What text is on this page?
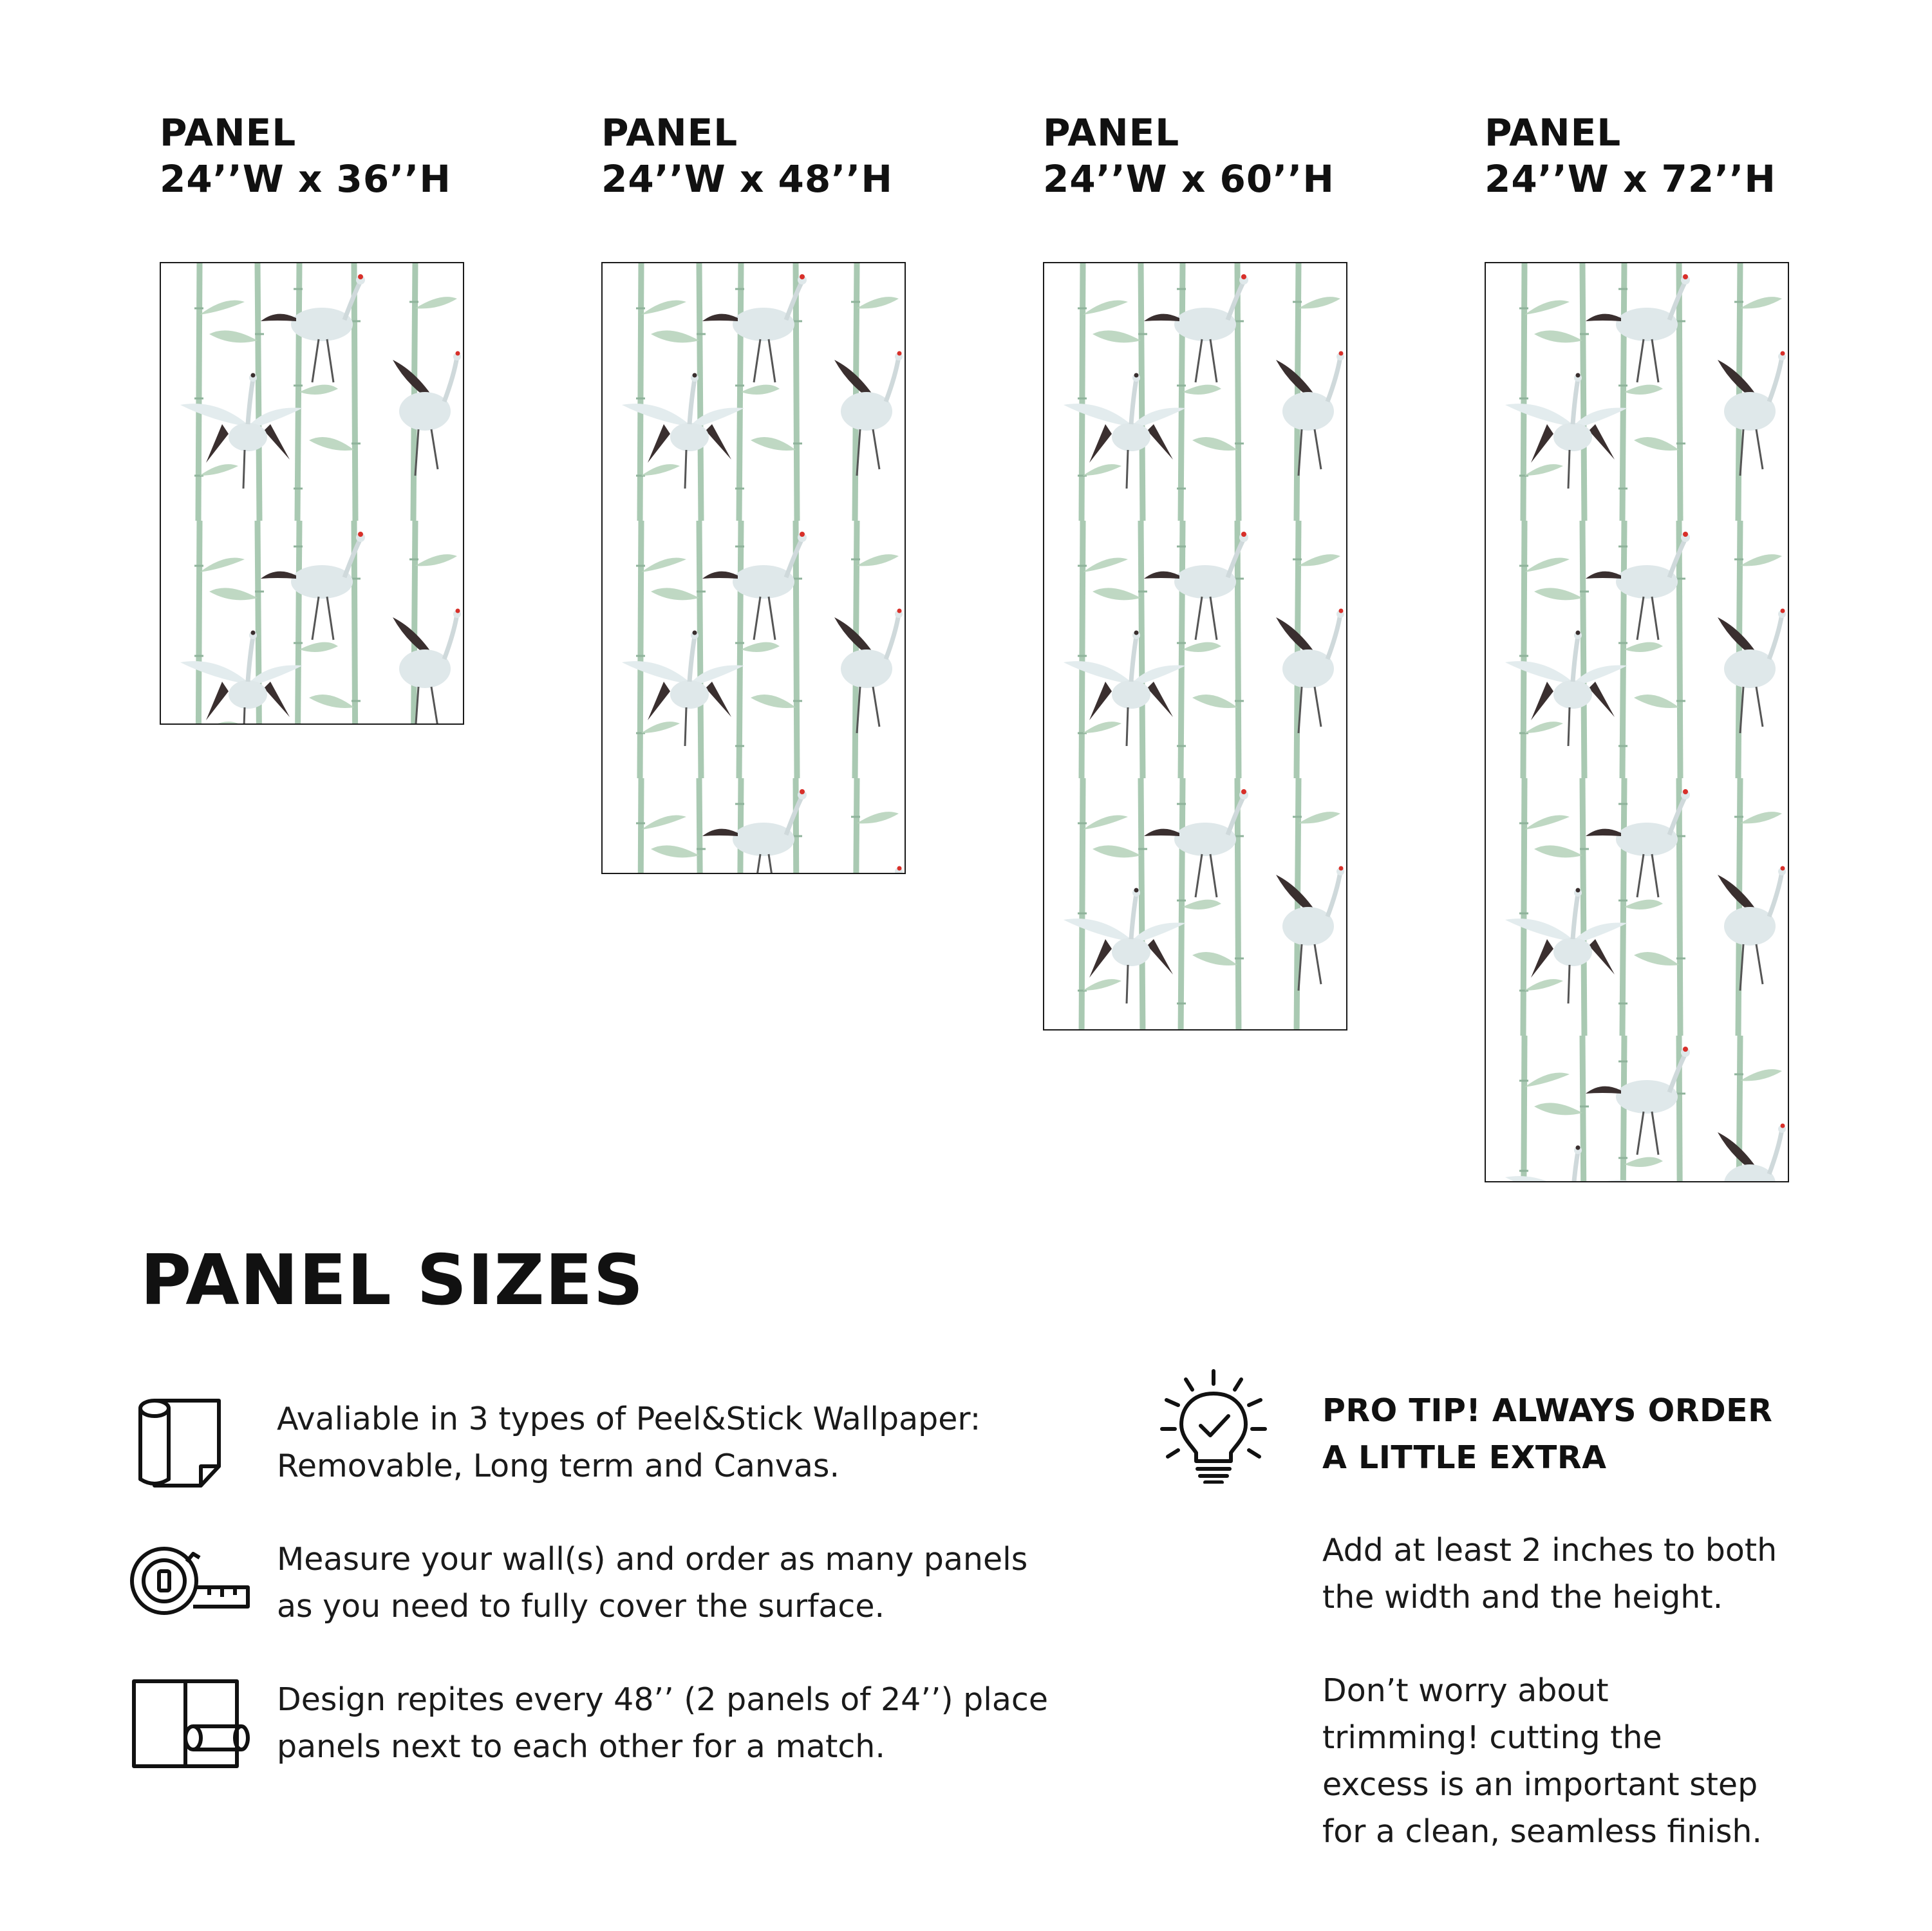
PANEL
24’’W x 36’’H
PANEL
24’’W x 48’’H
PANEL
24’’W x 60’’H
PANEL
24’’W x 72’’H
PANEL SIZES
Avaliable in 3 types of Peel&Stick Wallpaper:
Removable, Long term and Canvas.
Measure your wall(s) and order as many panels
as you need to fully cover the surface.
Design repites every 48’’ (2 panels of 24’’) place
panels next to each other for a match.
PRO TIP! ALWAYS ORDER
A LITTLE EXTRA
Add at least 2 inches to both
the width and the height.
Don’t worry about
trimming! cutting the
excess is an important step
for a clean, seamless finish.
